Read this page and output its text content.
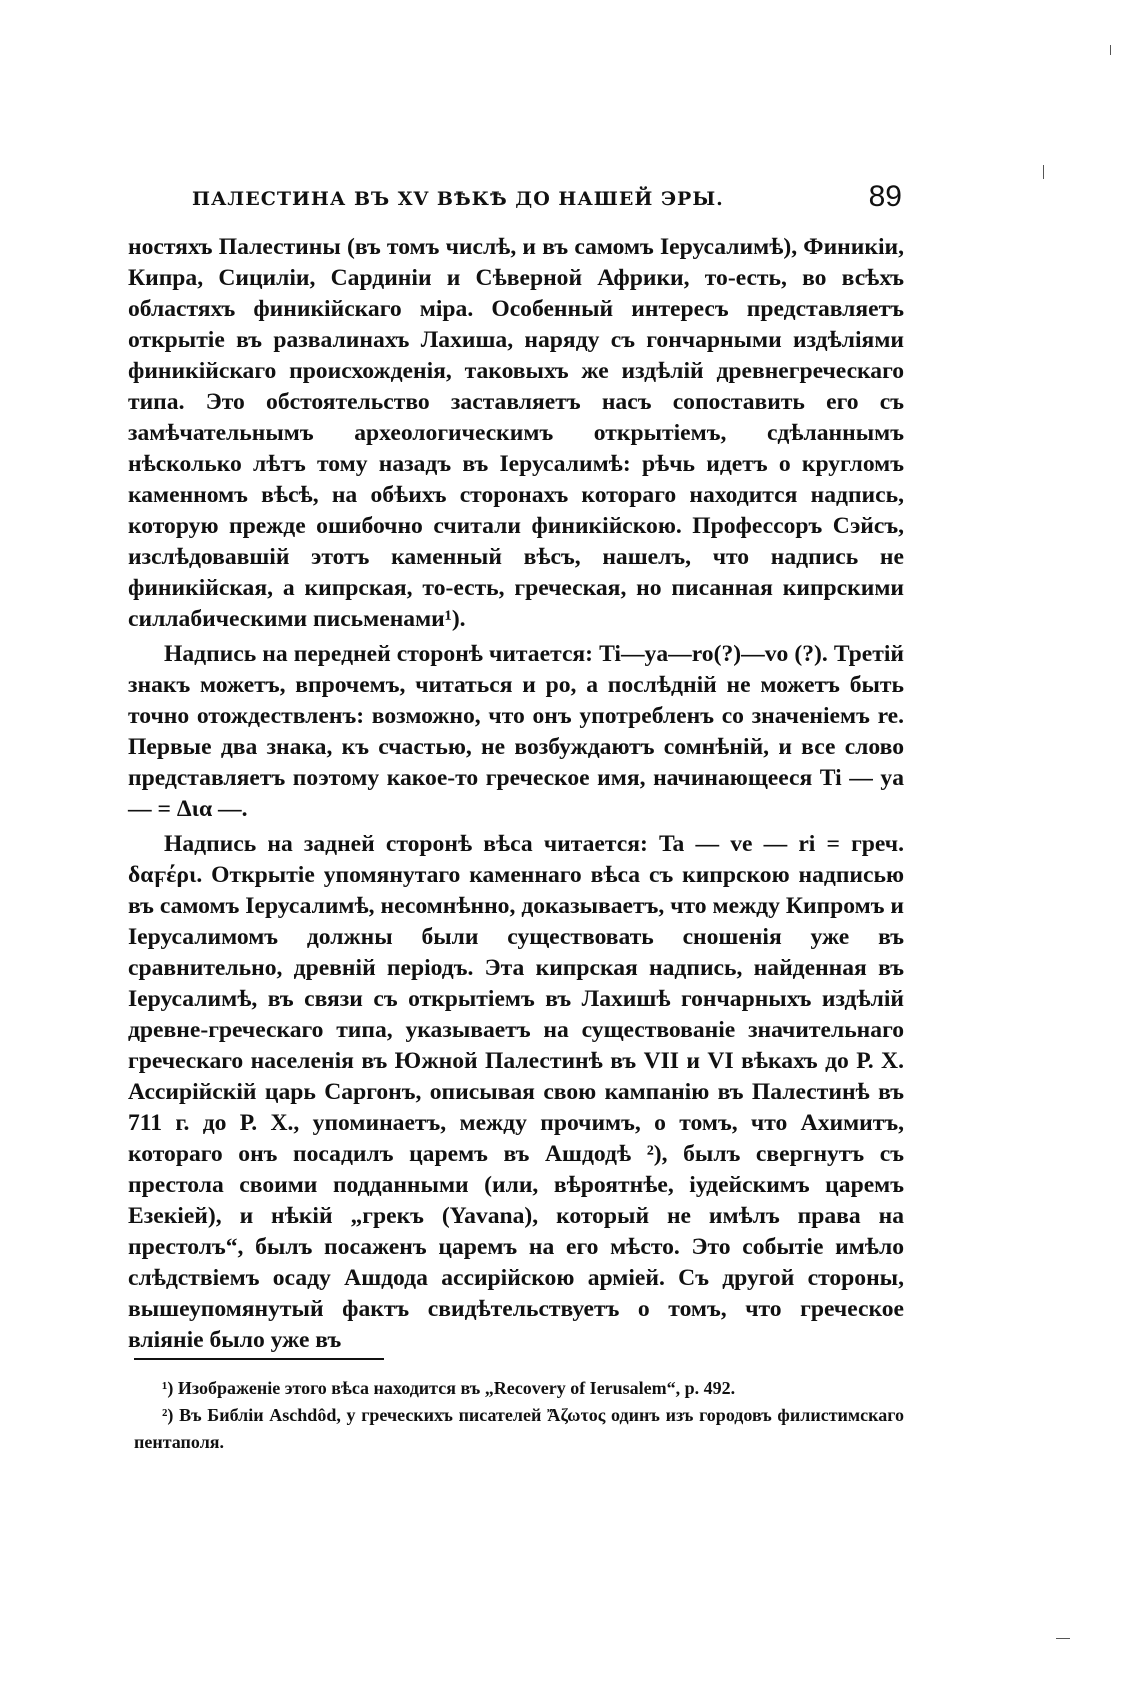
ПАЛЕСТИНА ВЪ XV ВѢКѢ ДО НАШЕЙ ЭРЫ.	89

ностяхъ Палестины (въ томъ числѣ, и въ самомъ Іерусалимѣ), Финикіи, Кипра, Сициліи, Сардиніи и Сѣверной Африки, то-есть, во всѣхъ областяхъ финикійскаго міра. Особенный интересъ представляетъ открытіе въ развалинахъ Лахиша, наряду съ гончарными издѣліями финикійскаго происхожденія, таковыхъ же издѣлій древнегреческаго типа. Это обстоятельство заставляетъ насъ сопоставить его съ замѣчательнымъ археологическимъ открытіемъ, сдѣланнымъ нѣсколько лѣтъ тому назадъ въ Іерусалимѣ: рѣчь идетъ о кругломъ каменномъ вѣсѣ, на обѣихъ сторонахъ котораго находится надпись, которую прежде ошибочно считали финикійскою. Профессоръ Сэйсъ, изслѣдовавшій этотъ каменный вѣсъ, нашелъ, что надпись не финикійская, а кипрская, то-есть, греческая, но писанная кипрскими силлабическими письменами¹).

Надпись на передней сторонѣ читается: Ti—ya—ro(?)—vo (?). Третій знакъ можетъ, впрочемъ, читаться и po, а послѣдній не можетъ быть точно отождествленъ: возможно, что онъ употребленъ со значеніемъ re. Первые два знака, къ счастью, не возбуждаютъ сомнѣній, и все слово представляетъ поэтому какое-то греческое имя, начинающееся Ti — ya — = Δια —.

Надпись на задней сторонѣ вѣса читается: Ta — ve — ri = греч. δαϝέρι. Открытіе упомянутаго каменнаго вѣса съ кипрскою надписью въ самомъ Іерусалимѣ, несомнѣнно, доказываетъ, что между Кипромъ и Іерусалимомъ должны были существовать сношенія уже въ сравнительно, древній періодъ. Эта кипрская надпись, найденная въ Іерусалимѣ, въ связи съ открытіемъ въ Лахишѣ гончарныхъ издѣлій древне-греческаго типа, указываетъ на существованіе значительнаго греческаго населенія въ Южной Палестинѣ въ VII и VI вѣкахъ до Р. Х. Ассирійскій царь Саргонъ, описывая свою кампанію въ Палестинѣ въ 711 г. до Р. Х., упоминаетъ, между прочимъ, о томъ, что Ахимитъ, котораго онъ посадилъ царемъ въ Ашдодѣ ²), былъ свергнутъ съ престола своими подданными (или, вѣроятнѣе, іудейскимъ царемъ Езекіей), и нѣкій „грекъ (Yavana), который не имѣлъ права на престолъ“, былъ посаженъ царемъ на его мѣсто. Это событіе имѣло слѣдствіемъ осаду Ашдода ассирійскою арміей. Съ другой стороны, вышеупомянутый фактъ свидѣтельствуетъ о томъ, что греческое вліяніе было уже въ

¹) Изображеніе этого вѣса находится въ „Recovery of Ierusalem“, p. 492.

²) Въ Библіи Aschdôd, у греческихъ писателей Ἄζωτος одинъ изъ городовъ филистимскаго пентаполя.
